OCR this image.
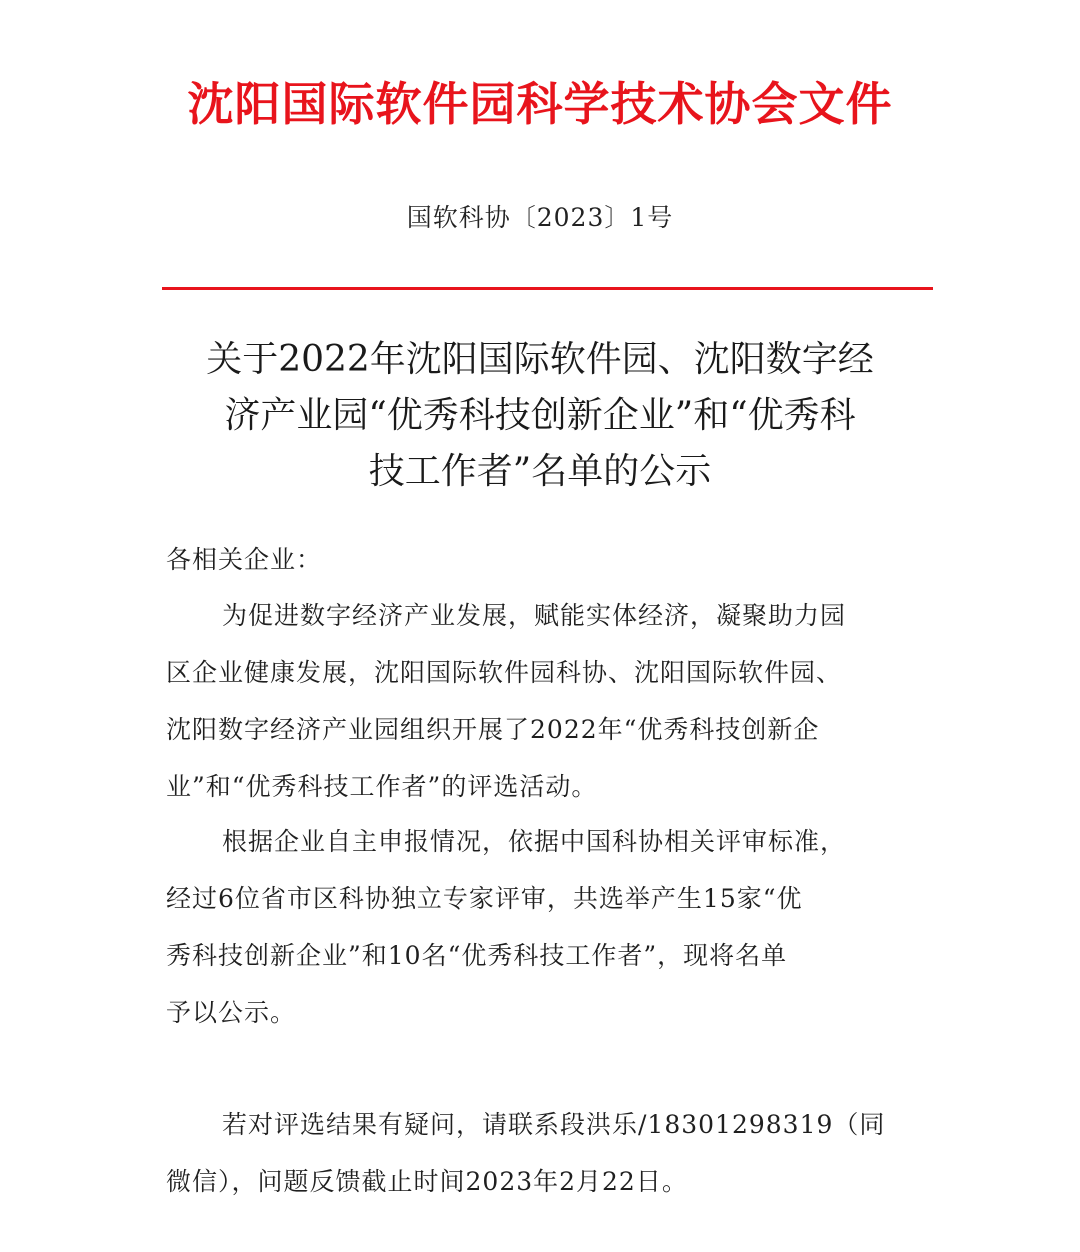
沈阳国际软件园科学技术协会文件
国软科协〔2023〕1号
关于2022年沈阳国际软件园、沈阳数字经
济产业园“优秀科技创新企业”和“优秀科
技工作者”名单的公示
各相关企业：
为促进数字经济产业发展，赋能实体经济，凝聚助力园
区企业健康发展，沈阳国际软件园科协、沈阳国际软件园、
沈阳数字经济产业园组织开展了2022年“优秀科技创新企
业”和“优秀科技工作者”的评选活动。
根据企业自主申报情况，依据中国科协相关评审标准，
经过6位省市区科协独立专家评审，共选举产生15家“优
秀科技创新企业”和10名“优秀科技工作者”，现将名单
予以公示。
若对评选结果有疑问，请联系段洪乐/18301298319（同
微信），问题反馈截止时间2023年2月22日。
